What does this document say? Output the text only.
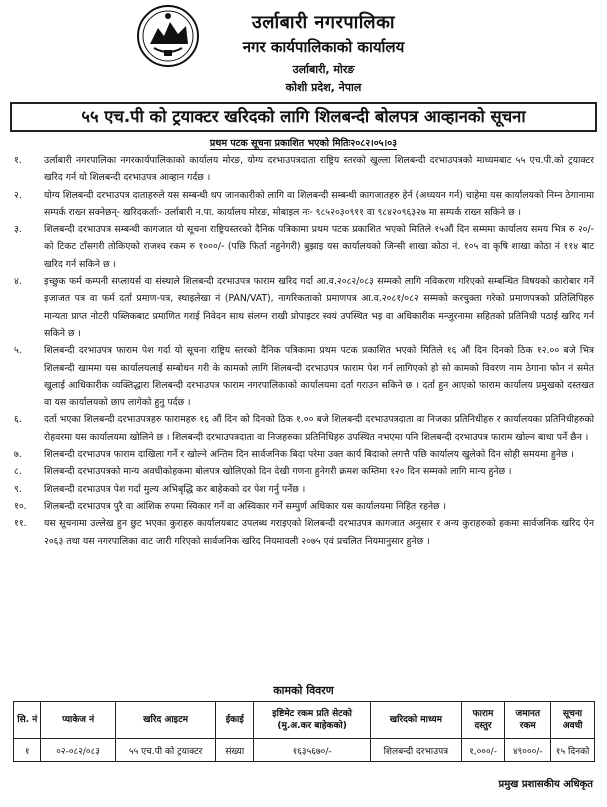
उर्लाबारी नगरपालिका
नगर कार्यपालिकाको कार्यालय
उर्लाबारी, मोरङ
कोशी प्रदेश, नेपाल
५५ एच.पी को ट्रयाक्टर खरिदको लागि शिलबन्दी बोलपत्र आव्हानको सूचना
प्रथम पटक सूचना प्रकाशित भएको मितिः२०८२।०५।०३
१.	उर्लाबारी नगरपालिका नगरकार्यपालिकाको कार्यालय मोरङ, योग्य दरभाउपत्रदाता राष्ट्रिय स्तरको खुल्ला शिलबन्दी दरभाउपत्रको माध्यमबाट ५५ एच.पी.को ट्रयाक्टर खरिद गर्न यो शिलबन्दी दरभाउपत्र आव्हान गर्दछ ।
२.	योग्य शिलबन्दी दरभाउपत्र दाताहरुले यस सम्बन्धी थप जानकारीको लागि वा शिलबन्दी सम्बन्धी कागजातहरु हेर्न (अध्ययन गर्न) चाहेमा यस कार्यालयको निम्न ठेगानामा सम्पर्क राख्न सक्नेछन्- खरिदकर्ताः- उर्लाबारी न.पा. कार्यालय मोरङ, मोबाइल नः- ९८५२०३०९११ वा ९८४२०९६३२७ मा सम्पर्क राख्न सकिने छ ।
३.	शिलबन्दी दरभाउपत्र सम्बन्धी कागजात यो सूचना राष्ट्रियस्तरको दैनिक पत्रिकामा प्रथम पटक प्रकाशित भएको मितिले १५औं दिन सम्ममा कार्यालय समय भित्र रु २०/- को टिकट टाँसगरी तोकिएको राजश्व रकम रु १०००/- (पछि फिर्ता नहुनेगरी) बुझाइ यस कार्यालयको जिन्सी शाखा कोठा नं. १०५ वा कृषि शाखा कोठा नं ११४ बाट खरिद गर्न सकिने छ ।
४.	इच्छुक फर्म कम्पनी सप्लायर्स वा संस्थाले शिलबन्दी दरभाउपत्र फाराम खरिद गर्दा आ.व.२०८२/०८३ सम्मको लागि नविकरण गरिएको सम्बन्धित विषयको कारोबार गर्ने इजाजत पत्र वा फर्म दर्ता प्रमाण-पत्र, स्थाइलेखा नं (PAN/VAT), नागरिकताको प्रमाणपत्र आ.व.२०८१/०८२ सम्मको करचुक्ता गरेको प्रमाणपत्रको प्रतिलिपिहरु मान्यता प्राप्त नोटरी पब्लिकबाट प्रमाणित गराई निवेदन साथ संलग्न राखी प्रोपाइटर स्वयं उपस्थित भइ वा अधिकारीक मन्जुरनामा सहितको प्रतिनिधी पठाई खरिद गर्न सकिने छ ।
५.	शिलबन्दी दरभाउपत्र फाराम पेश गर्दा यो सूचना राष्ट्रिय स्तरको दैनिक पत्रिकामा प्रथम पटक प्रकाशित भएको मितिले १६ औं दिन दिनको ठिक १२.०० बजे भित्र शिलबन्दी खाममा यस कार्यालयलाई सम्बोधन गरी के कामको लागि शिलबन्दी दरभाउपत्र फाराम पेश गर्न लागिएको हो सो कामको विवरण नाम ठेगाना फोन नं समेत खुलाई आधिकारीक व्यक्तिद्धारा शिलबन्दी दरभाउपत्र फाराम नगरपालिकाको कार्यालयमा दर्ता गराउन सकिने छ । दर्ता हुन आएको फाराम कार्यालय प्रमुखको दस्तखत वा यस कार्यालयको छाप लागेको हुनु पर्दछ ।
६.	दर्ता भएका शिलबन्दी दरभाउपत्रहरु फारामहरु १६ औं दिन को दिनको ठिक १.०० बजे शिलबन्दी दरभाउपत्रदाता वा निजका प्रतिनिधीहरु र कार्यालयका प्रतिनिधीहरुको रोहवरमा यस कार्यालयमा खोलिने छ । शिलबन्दी दरभाउपत्रदाता वा निजहरुका प्रतिनिधिहरु उपस्थित नभएमा पनि शिलबन्दी दरभाउपत्र फाराम खोल्न बाधा पर्ने छैन ।
७.	शिलबन्दी दरभाउपत्र फाराम दाखिला गर्ने र खोल्ने अन्तिम दिन सार्वजनिक बिदा परेमा उक्त कार्य बिदाको लगत्तै पछि कार्यालय खुलेको दिन सोही समयमा हुनेछ ।
८.	शिलबन्दी दरभाउपत्रको मान्य अवधीकोहकमा बोलपत्र खोलिएको दिन देखी गणना हुनेगरी क्रमश कम्तिमा १२० दिन सम्मको लागि मान्य हुनेछ ।
९.	शिलबन्दी दरभाउपत्र पेश गर्दा मुल्य अभिबृद्धि कर बाहेकको दर पेश गर्नु पर्नेछ ।
१०.	शिलबन्दी दरभाउपत्र पुरै वा आंशिक रुपमा स्विकार गर्ने वा अस्विकार गर्ने सम्पुर्ण अधिकार यस कार्यालयमा निहित रहनेछ ।
११.	यस सूचनामा उल्लेख हुन छुट भएका कुराहरु कार्यालयबाट उपलब्ध गराइएको शिलबन्दी दरभाउपत्र कागजात अनुसार र अन्य कुराहरुको हकमा सार्वजनिक खरिद ऐन २०६३ तथा यस नगरपालिका वाट जारी गरिएको सार्वजनिक खरिद नियमावली २०७५ एवं प्रचलित नियमानुसार हुनेछ ।
कामको विवरण
सि. नं	प्याकेज नं	खरिद आइटम	ईकाई	इष्टिमेट रकम प्रति सेटको (मु.अ.कर बाहेकको)	खरिदको माध्यम	फाराम दस्तुर	जमानत रकम	सूचना अवधी
१	०२-०८२/०८३	५५ एच.पी को ट्रयाक्टर	संख्या	१६३५६७०/-	शिलबन्दी दरभाउपत्र	१,०००/-	४९०००/-	१५ दिनको
प्रमुख प्रशासकीय अधिकृत
